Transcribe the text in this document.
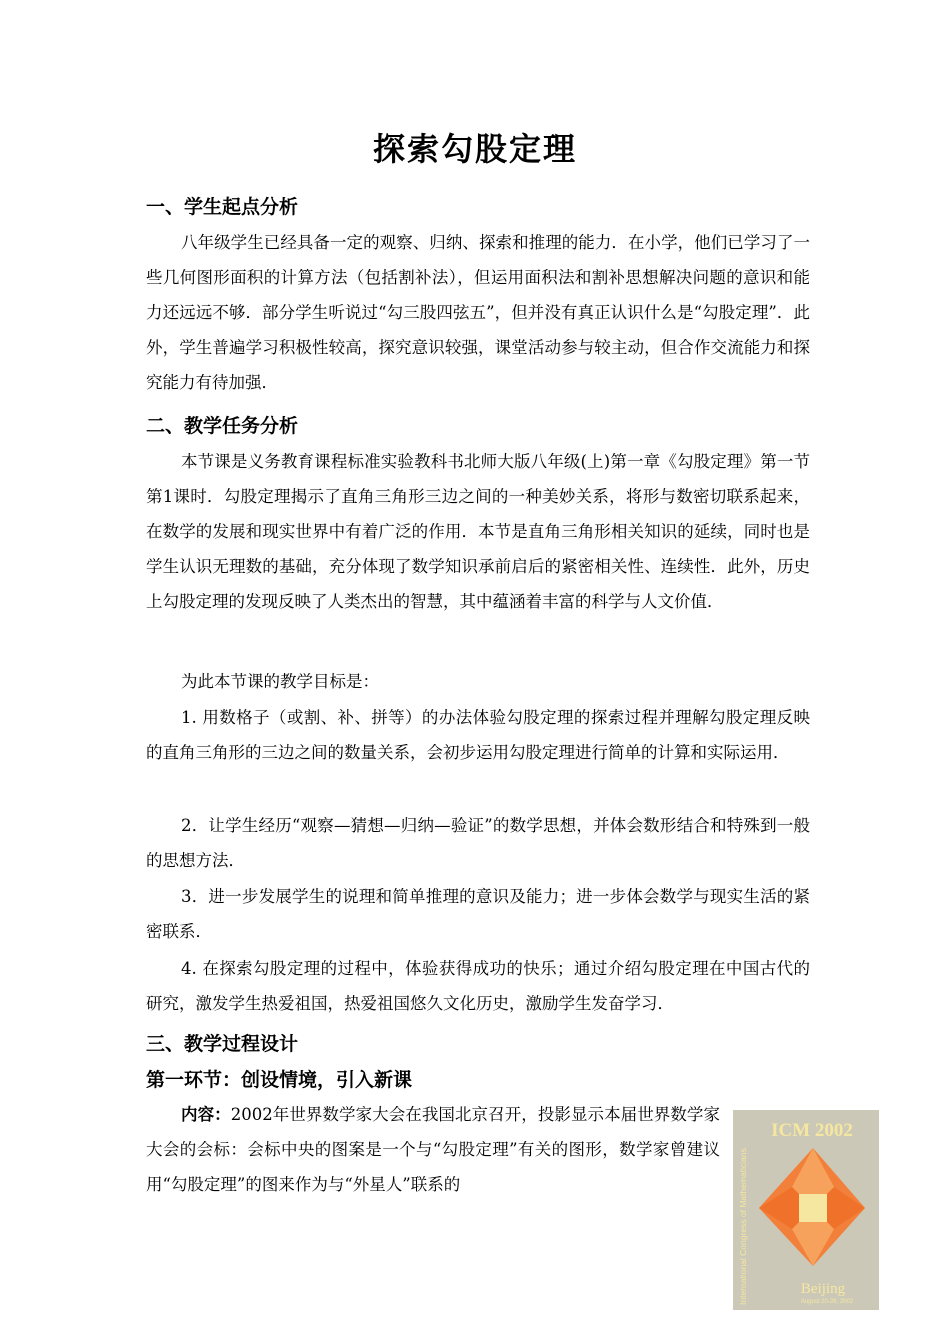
探索勾股定理
一、学生起点分析

八年级学生已经具备一定的观察、归纳、探索和推理的能力．在小学，他们已学习了一些几何图形面积的计算方法（包括割补法），但运用面积法和割补思想解决问题的意识和能力还远远不够．部分学生听说过“勾三股四弦五”，但并没有真正认识什么是“勾股定理”．此外，学生普遍学习积极性较高，探究意识较强，课堂活动参与较主动，但合作交流能力和探究能力有待加强．

二、教学任务分析

本节课是义务教育课程标准实验教科书北师大版八年级(上)第一章《勾股定理》第一节第1课时．勾股定理揭示了直角三角形三边之间的一种美妙关系，将形与数密切联系起来，在数学的发展和现实世界中有着广泛的作用．本节是直角三角形相关知识的延续，同时也是学生认识无理数的基础，充分体现了数学知识承前启后的紧密相关性、连续性．此外，历史上勾股定理的发现反映了人类杰出的智慧，其中蕴涵着丰富的科学与人文价值．

为此本节课的教学目标是：

1. 用数格子（或割、补、拼等）的办法体验勾股定理的探索过程并理解勾股定理反映的直角三角形的三边之间的数量关系，会初步运用勾股定理进行简单的计算和实际运用．

2．让学生经历“观察—猜想—归纳—验证”的数学思想，并体会数形结合和特殊到一般的思想方法．

3．进一步发展学生的说理和简单推理的意识及能力；进一步体会数学与现实生活的紧密联系．

4. 在探索勾股定理的过程中，体验获得成功的快乐；通过介绍勾股定理在中国古代的研究，激发学生热爱祖国，热爱祖国悠久文化历史，激励学生发奋学习．

三、教学过程设计
第一环节：创设情境，引入新课

内容：2002年世界数学家大会在我国北京召开，投影显示本届世界数学家大会的会标：会标中央的图案是一个与“勾股定理”有关的图形，数学家曾建议用“勾股定理”的图来作为与“外星人”联系的

ICM 2002
International Congress of Mathematicians	Beijing
August 20-28, 2002
